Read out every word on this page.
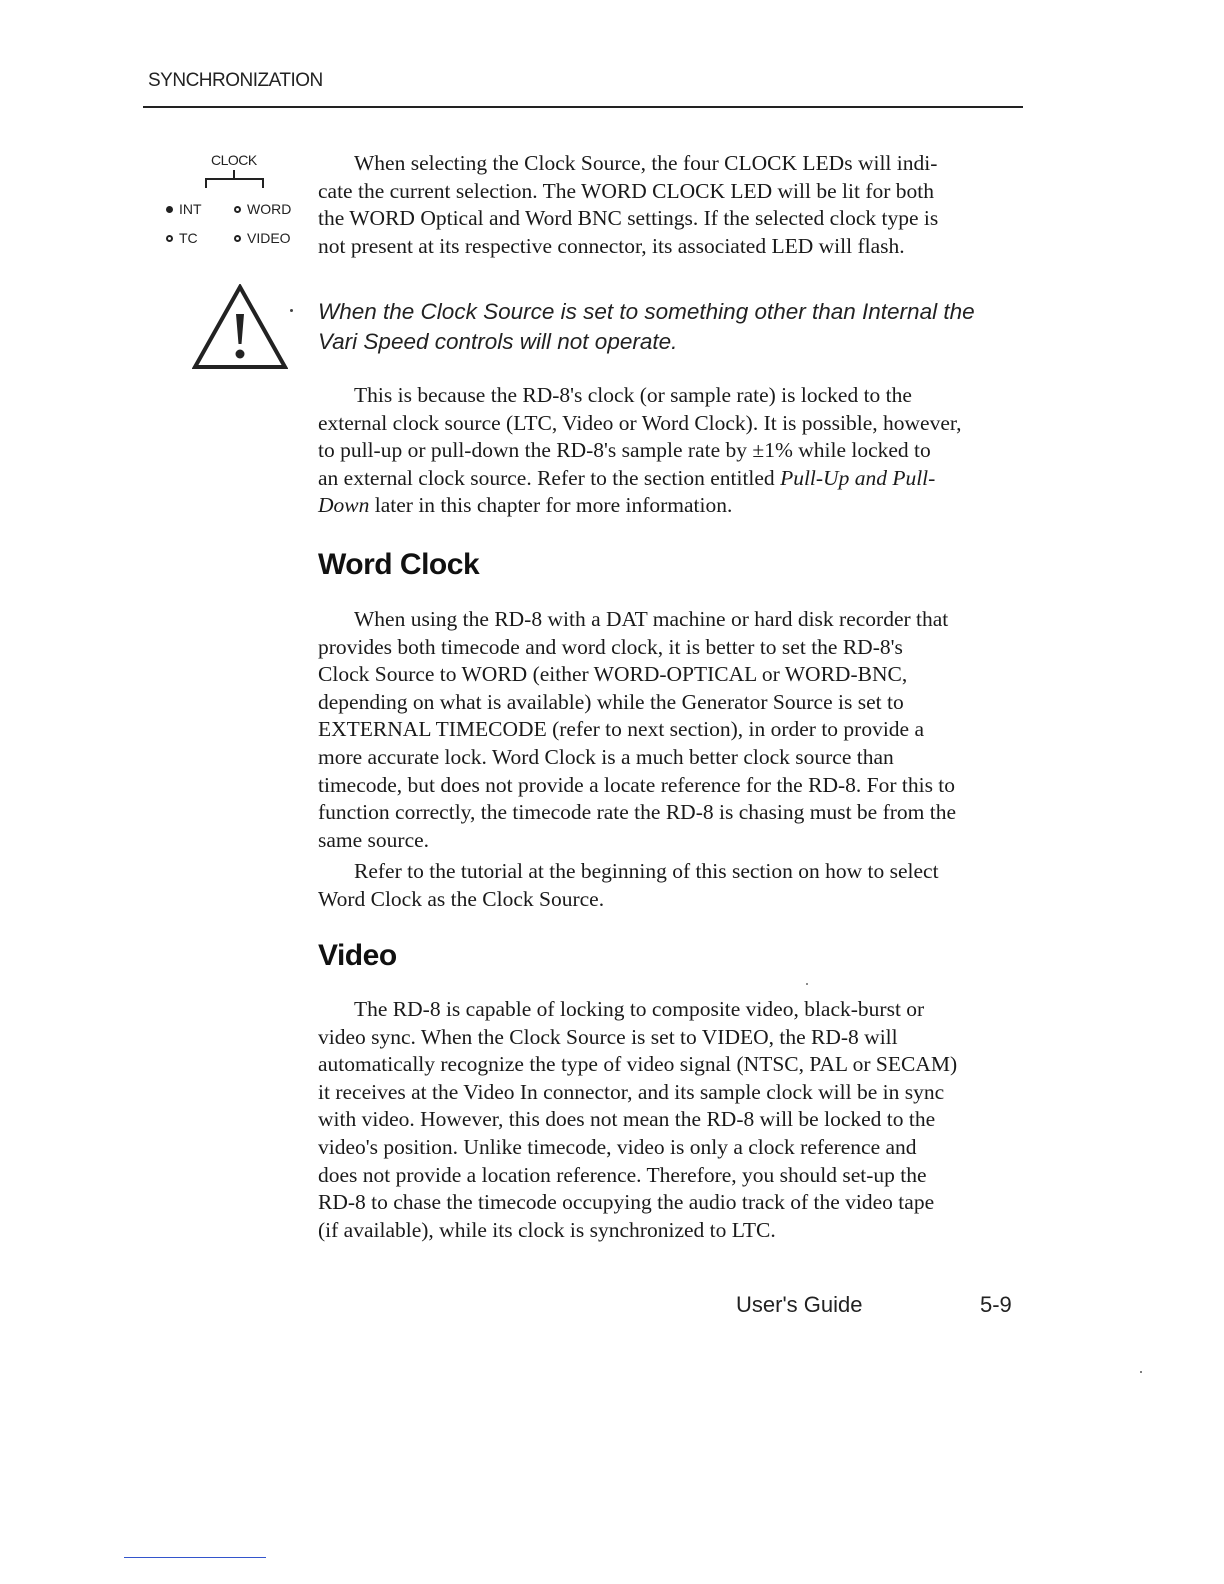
SYNCHRONIZATION
CLOCK
INT	WORD
TC	VIDEO

When selecting the Clock Source, the four CLOCK LEDs will indi-
cate the current selection. The WORD CLOCK LED will be lit for both
the WORD Optical and Word BNC settings. If the selected clock type is
not present at its respective connector, its associated LED will flash.

When the Clock Source is set to something other than Internal the
Vari Speed controls will not operate.

This is because the RD-8's clock (or sample rate) is locked to the
external clock source (LTC, Video or Word Clock). It is possible, however,
to pull-up or pull-down the RD-8's sample rate by ±1% while locked to
an external clock source. Refer to the section entitled Pull-Up and Pull-
Down later in this chapter for more information.

Word Clock

When using the RD-8 with a DAT machine or hard disk recorder that
provides both timecode and word clock, it is better to set the RD-8's
Clock Source to WORD (either WORD-OPTICAL or WORD-BNC,
depending on what is available) while the Generator Source is set to
EXTERNAL TIMECODE (refer to next section), in order to provide a
more accurate lock. Word Clock is a much better clock source than
timecode, but does not provide a locate reference for the RD-8. For this to
function correctly, the timecode rate the RD-8 is chasing must be from the
same source.

Refer to the tutorial at the beginning of this section on how to select
Word Clock as the Clock Source.

Video

The RD-8 is capable of locking to composite video, black-burst or
video sync. When the Clock Source is set to VIDEO, the RD-8 will
automatically recognize the type of video signal (NTSC, PAL or SECAM)
it receives at the Video In connector, and its sample clock will be in sync
with video. However, this does not mean the RD-8 will be locked to the
video's position. Unlike timecode, video is only a clock reference and
does not provide a location reference. Therefore, you should set-up the
RD-8 to chase the timecode occupying the audio track of the video tape
(if available), while its clock is synchronized to LTC.

User's Guide	5-9
